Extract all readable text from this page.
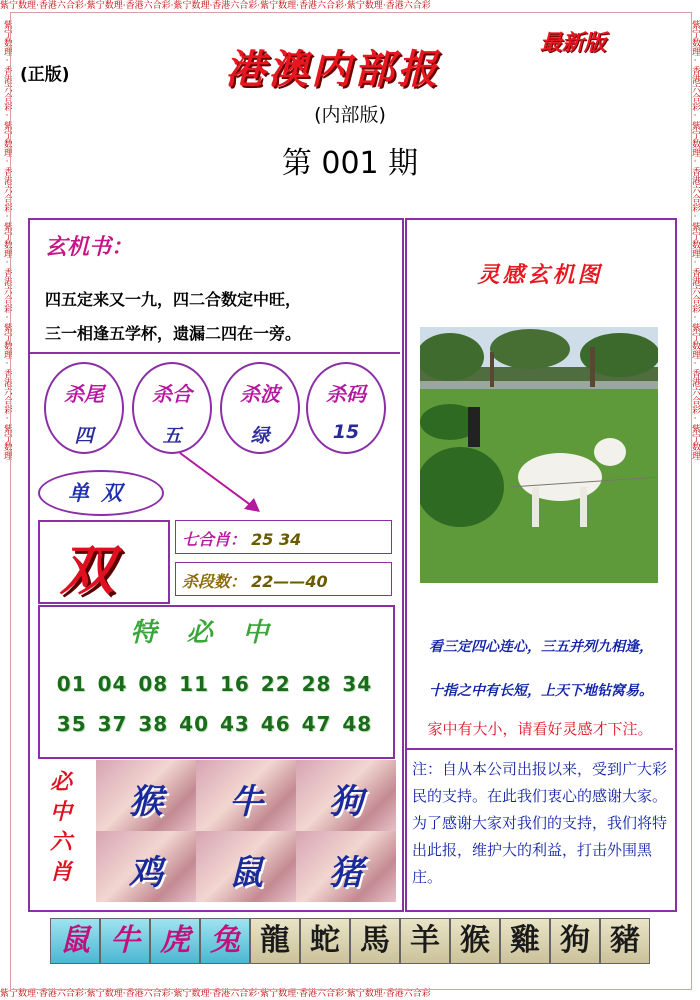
紫宁数理·香港六合彩·紫宁数理·香港六合彩·紫宁数理·香港六合彩·紫宁数理·香港六合彩·紫宁数理·香港六合彩
紫宁数理·香港六合彩·紫宁数理·香港六合彩·紫宁数理·香港六合彩·紫宁数理·香港六合彩·紫宁数理·香港六合彩
紫宁数理·香港六合彩·紫宁数理·香港六合彩·紫宁数理·香港六合彩·紫宁数理·香港六合彩·紫宁数理	紫宁数理·香港六合彩·紫宁数理·香港六合彩·紫宁数理·香港六合彩·紫宁数理·香港六合彩·紫宁数理
(正版)	港澳内部报
最新版
(内部版)
第 001 期
玄机书：
四五定来又一九，四二合数定中旺，
三一相逢五学杯，遗漏二四在一旁。
杀尾
四
杀合
五
杀波
绿
杀码
15
单双
双	七合肖： 25 34
杀段数： 22——40
特必中
01 04 08 11 16 22 28 34
35 37 38 40 43 46 47 48
必中六肖
猴	牛	狗
鸡	鼠	猪
灵感玄机图
看三定四心连心，三五并列九相逢，
十指之中有长短，上天下地钻窝易。
家中有大小，请看好灵感才下注。
注：自从本公司出报以来，受到广大彩民的支持。在此我们衷心的感谢大家。为了感谢大家对我们的支持，我们将特出此报，维护大的利益，打击外围黑庄。
鼠 牛 虎 兔 龍 蛇 馬 羊 猴 雞 狗 豬
